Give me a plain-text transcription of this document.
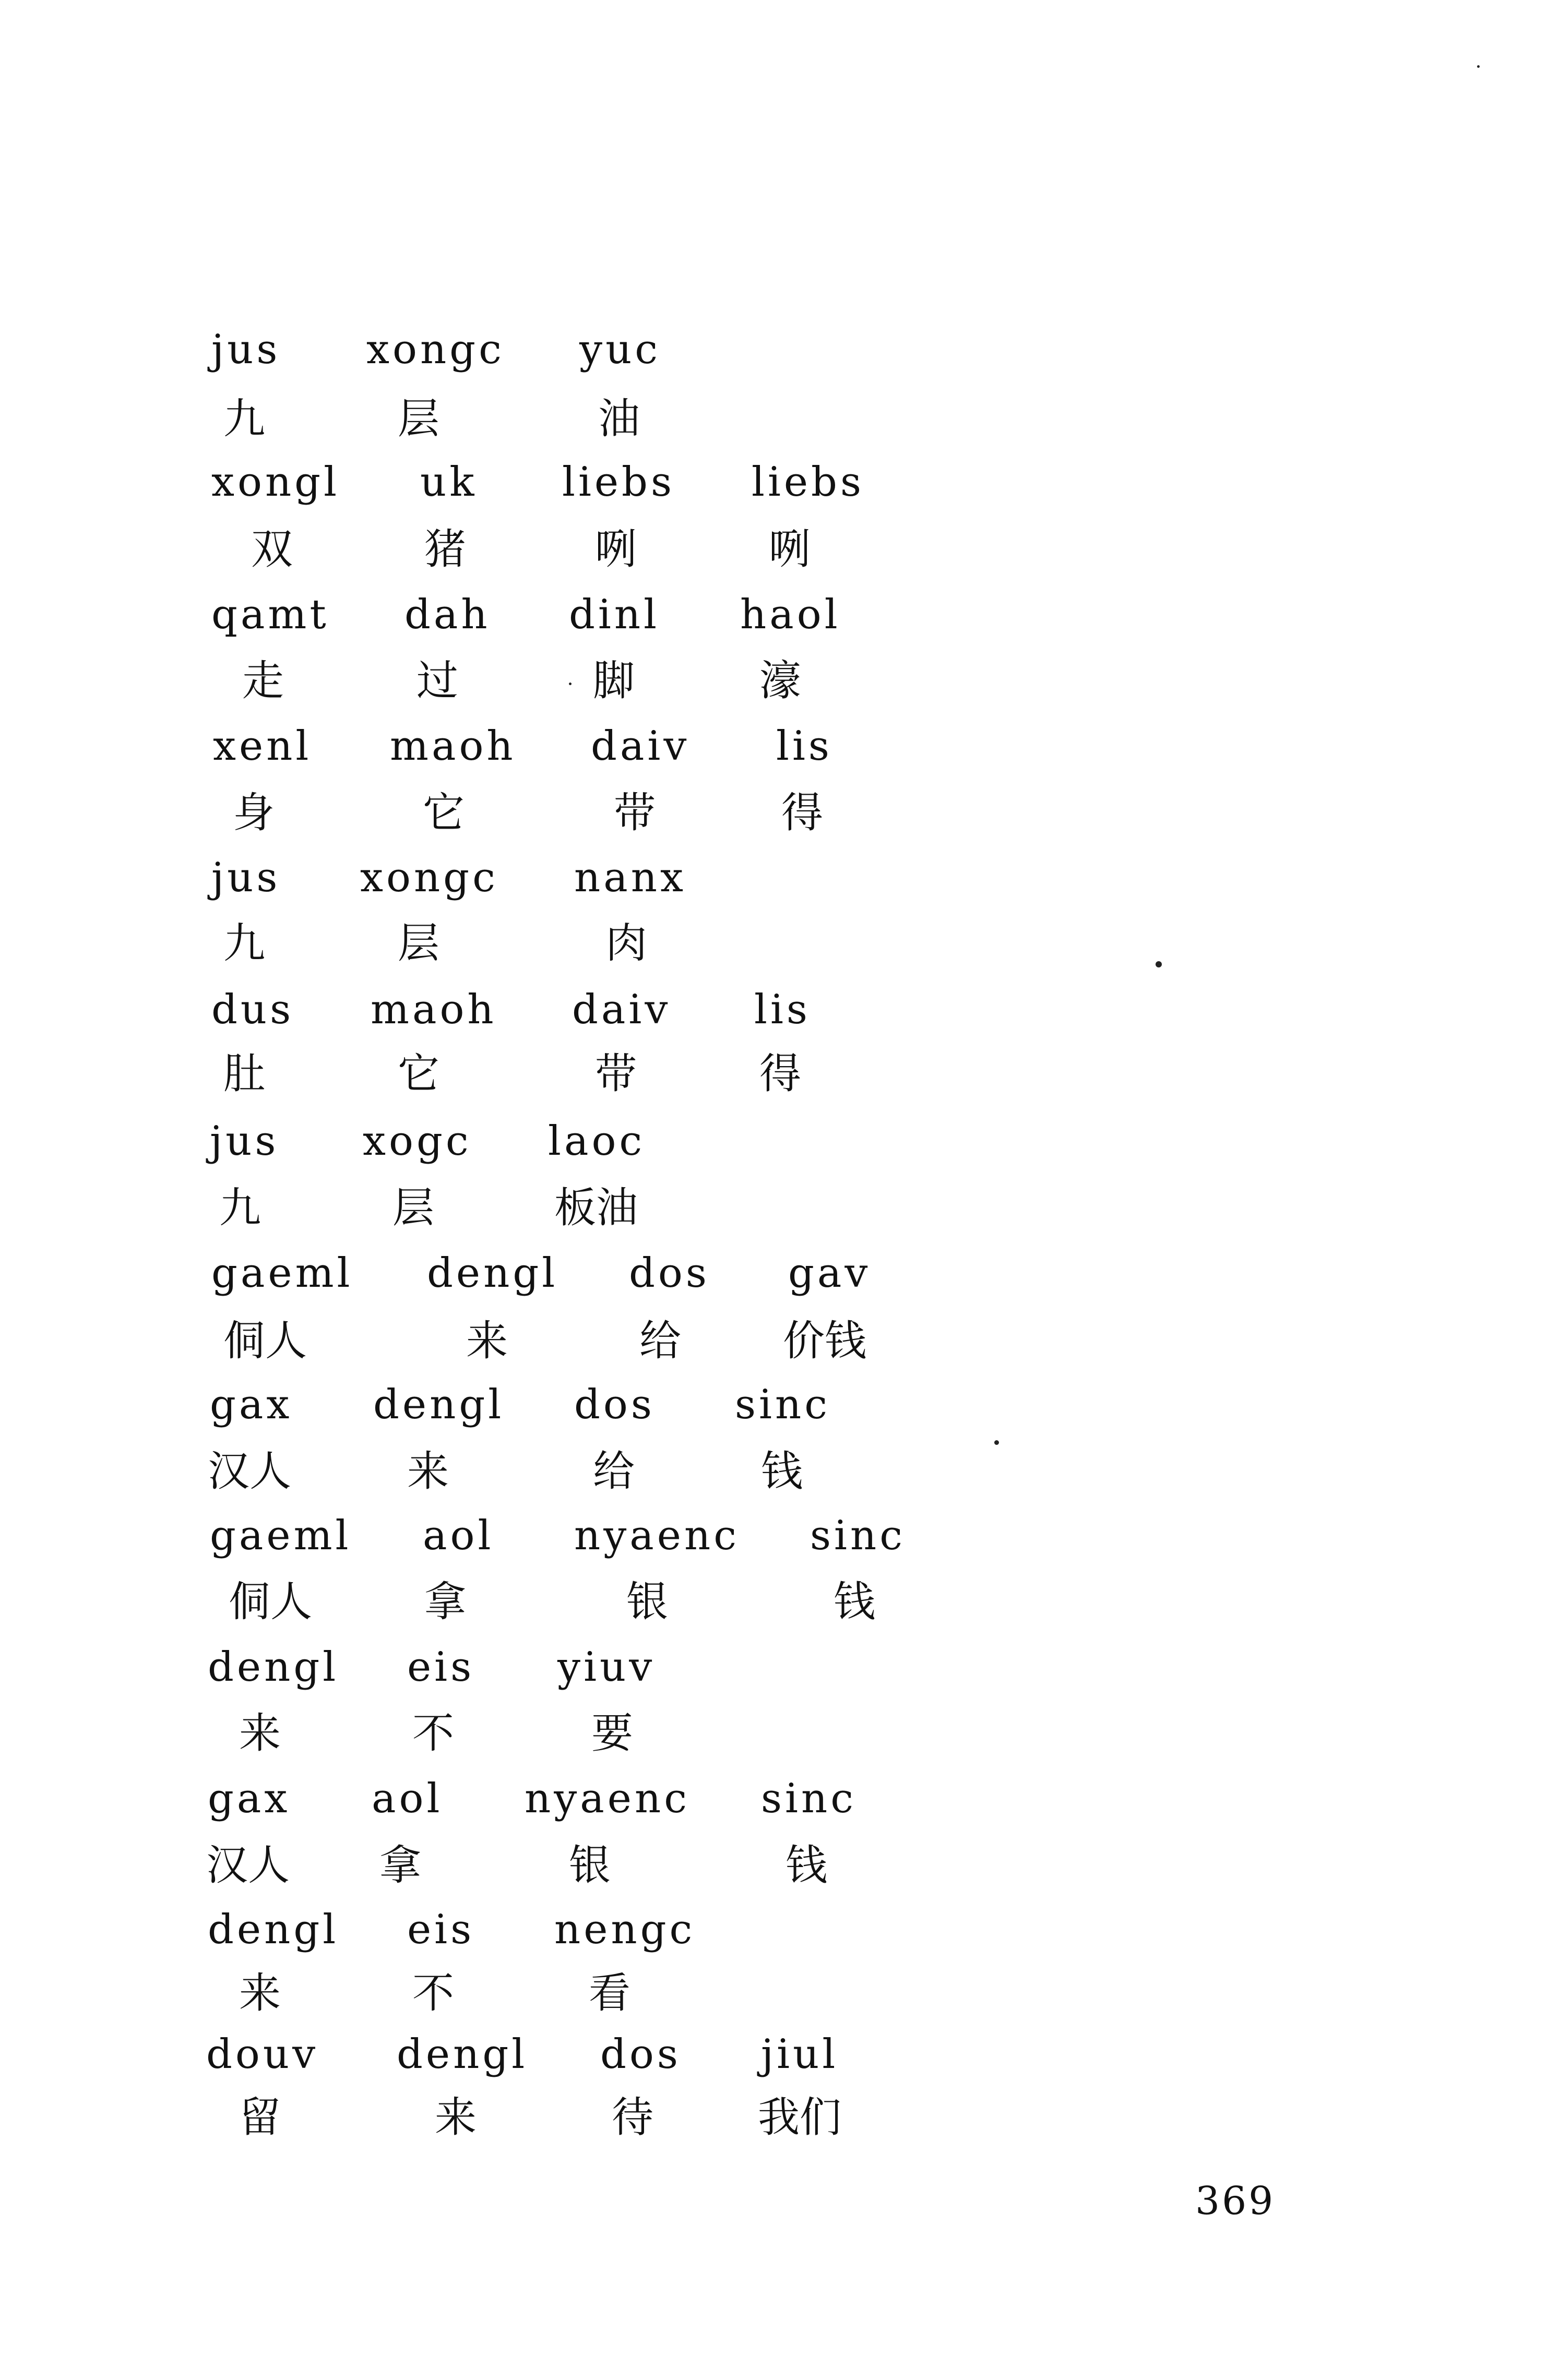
jus xongc yuc
九	层	油
xongl uk liebs liebs
双	猪	咧	咧
qamt dah dinl haol
走	过	脚	濠
xenl maoh daiv lis
身	它	带	得
jus xongc nanx
九	层	肉
dus maoh daiv lis
肚	它	带	得
jus xogc laoc
九	层	板油
gaeml dengl dos gav
侗人	来	给 价钱
gax dengl dos sinc
汉人	来	给	钱
gaeml aol nyaenc sinc
侗人	拿	银	钱
dengl eis yiuv
来	不	要
gax aol nyaenc sinc
汉人 拿	银	钱
dengl eis nengc
来	不	看
douv dengl dos jiul
留	来	待	我们
369
